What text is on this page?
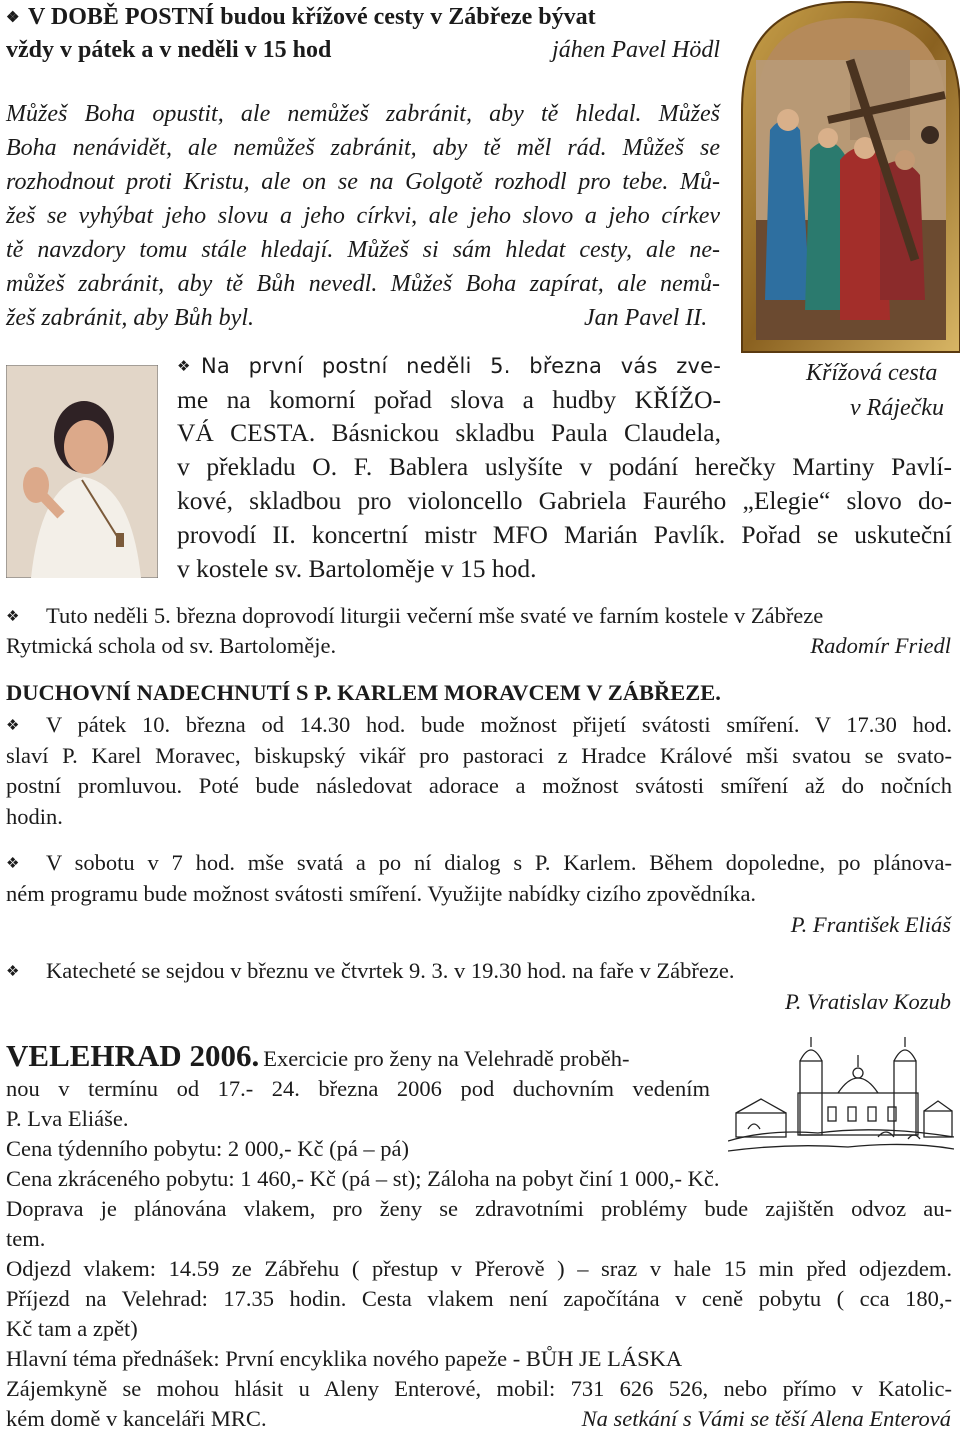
❖ V DOBĚ POSTNÍ budou křížové cesty v Zábřeze bývat
vždy v pátek a v neděli v 15 hod	jáhen Pavel Hödl
Můžeš Boha opustit, ale nemůžeš zabránit, aby tě hledal. Můžeš
Boha nenávidět, ale nemůžeš zabránit, aby tě měl rád. Můžeš se
rozhodnout proti Kristu, ale on se na Golgotě rozhodl pro tebe. Mů-
žeš se vyhýbat jeho slovu a jeho církvi, ale jeho slovo a jeho církev
tě navzdory tomu stále hledají. Můžeš si sám hledat cesty, ale ne-
můžeš zabránit, aby tě Bůh nevedl. Můžeš Boha zapírat, ale nemů-
žeš zabránit, aby Bůh byl.	Jan Pavel II.
Křížová cesta
v Ráječku
❖ Na první postní neděli 5. března vás zve-
me na komorní pořad slova a hudby KŘÍŽO-
VÁ CESTA. Básnickou skladbu Paula Claudela,
v překladu O. F. Bablera uslyšíte v podání herečky Martiny Pavlí-
kové, skladbou pro violoncello Gabriela Faurého „Elegie“ slovo do-
provodí II. koncertní mistr MFO Marián Pavlík. Pořad se uskuteční
v kostele sv. Bartoloměje v 15 hod.
❖ Tuto neděli 5. března doprovodí liturgii večerní mše svaté ve farním kostele v Zábřeze
Rytmická schola od sv. Bartoloměje.	Radomír Friedl
DUCHOVNÍ NADECHNUTÍ S P. KARLEM MORAVCEM V ZÁBŘEZE.
❖ V pátek 10. března od 14.30 hod. bude možnost přijetí svátosti smíření. V 17.30 hod.
slaví P. Karel Moravec, biskupský vikář pro pastoraci z Hradce Králové mši svatou se svato-
postní promluvou. Poté bude následovat adorace a možnost svátosti smíření až do nočních
hodin.
❖ V sobotu v 7 hod. mše svatá a po ní dialog s P. Karlem. Během dopoledne, po plánova-
ném programu bude možnost svátosti smíření. Využijte nabídky cizího zpovědníka.
P. František Eliáš
❖ Katecheté se sejdou v březnu ve čtvrtek 9. 3. v 19.30 hod. na faře v Zábřeze.
P. Vratislav Kozub
VELEHRAD 2006. Exercicie pro ženy na Velehradě proběh-
nou v termínu od 17.- 24. března 2006 pod duchovním vedením
P. Lva Eliáše.
Cena týdenního pobytu: 2 000,- Kč (pá – pá)
Cena zkráceného pobytu: 1 460,- Kč (pá – st); Záloha na pobyt činí 1 000,- Kč.
Doprava je plánována vlakem, pro ženy se zdravotními problémy bude zajištěn odvoz au-
tem.
Odjezd vlakem: 14.59 ze Zábřehu ( přestup v Přerově ) – sraz v hale 15 min před odjezdem.
Příjezd na Velehrad: 17.35 hodin. Cesta vlakem není započítána v ceně pobytu ( cca 180,-
Kč tam a zpět)
Hlavní téma přednášek: První encyklika nového papeže - BŮH JE LÁSKA
Zájemkyně se mohou hlásit u Aleny Enterové, mobil: 731 626 526, nebo přímo v Katolic-
kém domě v kanceláři MRC.	Na setkání s Vámi se těší Alena Enterová
